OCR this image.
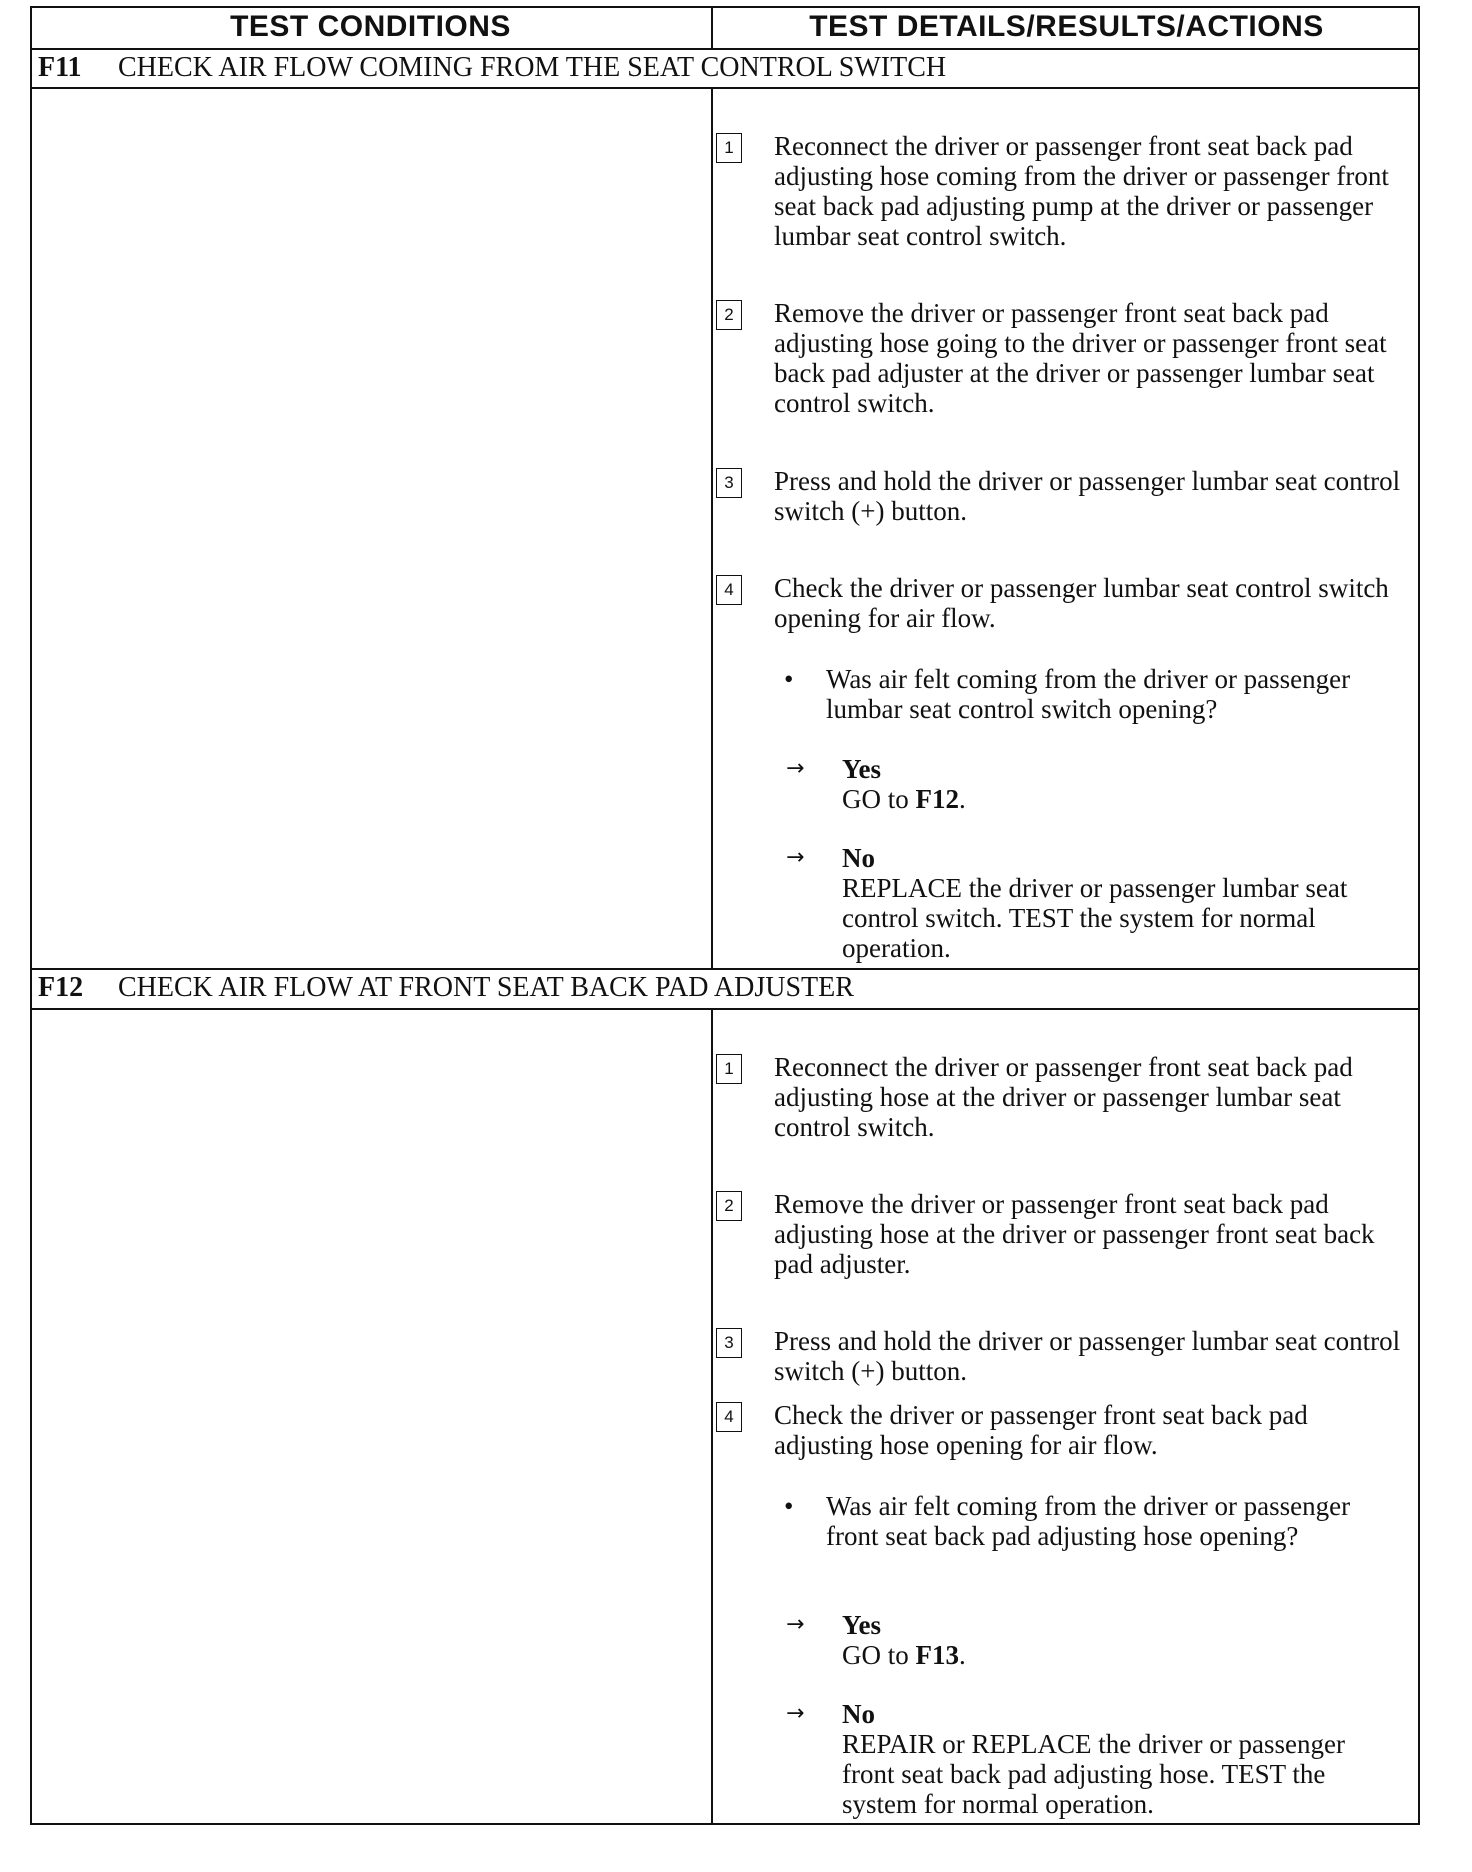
TEST CONDITIONS	TEST DETAILS/RESULTS/ACTIONS
F11	CHECK AIR FLOW COMING FROM THE SEAT CONTROL SWITCH
1	Reconnect the driver or passenger front seat back pad adjusting hose coming from the driver or passenger front seat back pad adjusting pump at the driver or passenger lumbar seat control switch.
2	Remove the driver or passenger front seat back pad adjusting hose going to the driver or passenger front seat back pad adjuster at the driver or passenger lumbar seat control switch.
3	Press and hold the driver or passenger lumbar seat control switch (+) button.
4	Check the driver or passenger lumbar seat control switch opening for air flow.
• Was air felt coming from the driver or passenger lumbar seat control switch opening?
→ Yes
GO to F12.
→ No
REPLACE the driver or passenger lumbar seat control switch. TEST the system for normal operation.
F12	CHECK AIR FLOW AT FRONT SEAT BACK PAD ADJUSTER
1	Reconnect the driver or passenger front seat back pad adjusting hose at the driver or passenger lumbar seat control switch.
2	Remove the driver or passenger front seat back pad adjusting hose at the driver or passenger front seat back pad adjuster.
3	Press and hold the driver or passenger lumbar seat control switch (+) button.
4	Check the driver or passenger front seat back pad adjusting hose opening for air flow.
• Was air felt coming from the driver or passenger front seat back pad adjusting hose opening?
→ Yes
GO to F13.
→ No
REPAIR or REPLACE the driver or passenger front seat back pad adjusting hose. TEST the system for normal operation.
